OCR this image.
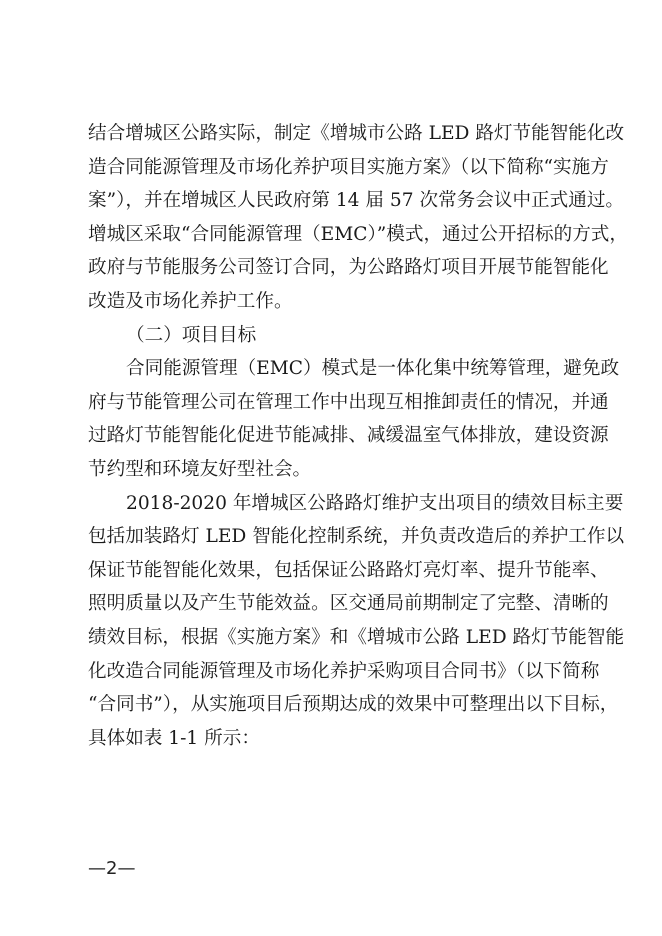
结合增城区公路实际，制定《增城市公路 LED 路灯节能智能化改
造合同能源管理及市场化养护项目实施方案》（以下简称“实施方
案”），并在增城区人民政府第 14 届 57 次常务会议中正式通过。
增城区采取“合同能源管理（EMC）”模式，通过公开招标的方式，
政府与节能服务公司签订合同，为公路路灯项目开展节能智能化
改造及市场化养护工作。
（二）项目目标
合同能源管理（EMC）模式是一体化集中统筹管理，避免政
府与节能管理公司在管理工作中出现互相推卸责任的情况，并通
过路灯节能智能化促进节能减排、减缓温室气体排放，建设资源
节约型和环境友好型社会。
2018-2020 年增城区公路路灯维护支出项目的绩效目标主要
包括加装路灯 LED 智能化控制系统，并负责改造后的养护工作以
保证节能智能化效果，包括保证公路路灯亮灯率、提升节能率、
照明质量以及产生节能效益。区交通局前期制定了完整、清晰的
绩效目标，根据《实施方案》和《增城市公路 LED 路灯节能智能
化改造合同能源管理及市场化养护采购项目合同书》（以下简称
“合同书”），从实施项目后预期达成的效果中可整理出以下目标，
具体如表 1-1 所示：
—2—
